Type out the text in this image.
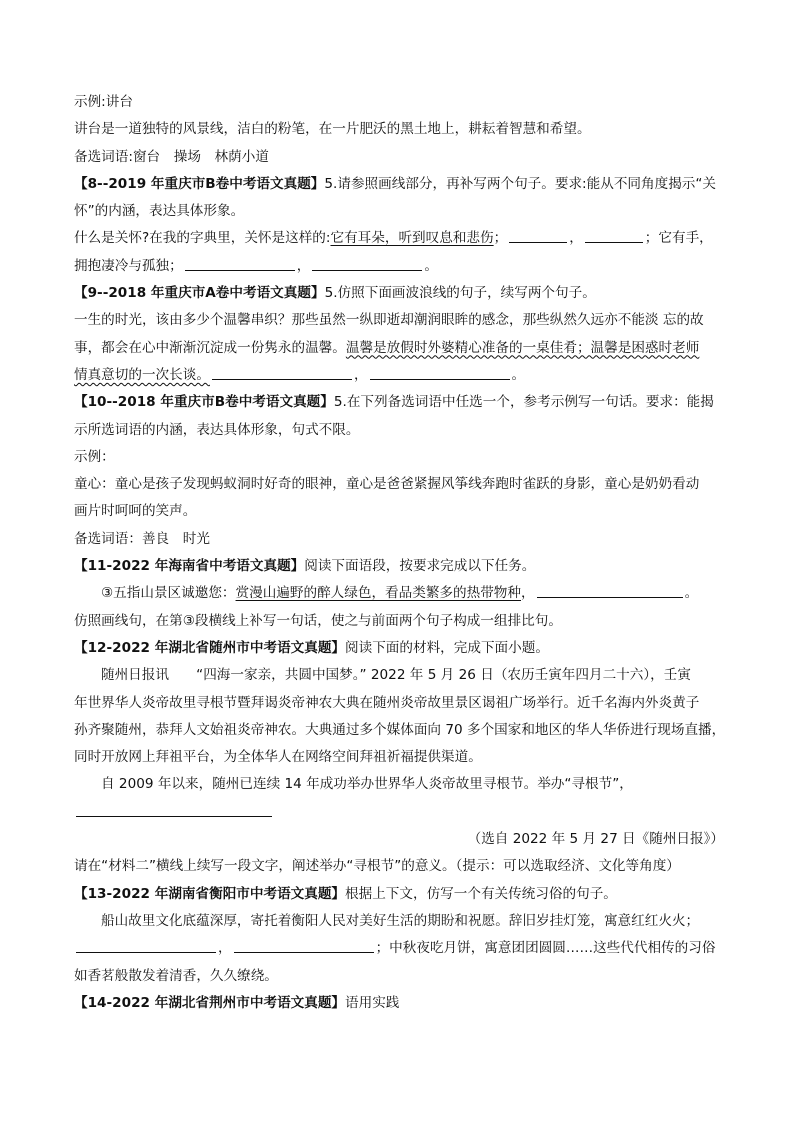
示例:讲台
讲台是一道独特的风景线，洁白的粉笔，在一片肥沃的黑土地上，耕耘着智慧和希望。
备选词语:窗台　操场　林荫小道
【8--2019 年重庆市B卷中考语文真题】5.请参照画线部分，再补写两个句子。要求:能从不同角度揭示“关
怀”的内涵，表达具体形象。
什么是关怀?在我的字典里，关怀是这样的:它有耳朵，听到叹息和悲伤；	，	；它有手，
拥抱凄冷与孤独；	，	。
【9--2018 年重庆市A卷中考语文真题】5.仿照下面画波浪线的句子，续写两个句子。
一生的时光，该由多少个温馨串织？那些虽然一纵即逝却潮润眼眸的感念，那些纵然久远亦不能淡 忘的故
事，都会在心中渐渐沉淀成一份隽永的温馨。温馨是放假时外婆精心准备的一桌佳肴；温馨是困惑时老师
情真意切的一次长谈。	，	。
【10--2018 年重庆市B卷中考语文真题】5.在下列备选词语中任选一个，参考示例写一句话。要求：能揭
示所选词语的内涵，表达具体形象，句式不限。
示例：
童心：童心是孩子发现蚂蚁洞时好奇的眼神，童心是爸爸紧握风筝线奔跑时雀跃的身影，童心是奶奶看动
画片时呵呵的笑声。
备选词语：善良　时光
【11-2022 年海南省中考语文真题】阅读下面语段，按要求完成以下任务。
③五指山景区诚邀您：赏漫山遍野的醉人绿色，看品类繁多的热带物种，	。
仿照画线句，在第③段横线上补写一句话，使之与前面两个句子构成一组排比句。
【12-2022 年湖北省随州市中考语文真题】阅读下面的材料，完成下面小题。
随州日报讯　　“四海一家亲，共圆中国梦。” 2022 年 5 月 26 日（农历壬寅年四月二十六），壬寅
年世界华人炎帝故里寻根节暨拜谒炎帝神农大典在随州炎帝故里景区谒祖广场举行。近千名海内外炎黄子
孙齐聚随州，恭拜人文始祖炎帝神农。大典通过多个媒体面向 70 多个国家和地区的华人华侨进行现场直播，
同时开放网上拜祖平台，为全体华人在网络空间拜祖祈福提供渠道。
自 2009 年以来，随州已连续 14 年成功举办世界华人炎帝故里寻根节。举办“寻根节”，
（选自 2022 年 5 月 27 日《随州日报》）
请在“材料二”横线上续写一段文字，阐述举办“寻根节”的意义。（提示：可以选取经济、文化等角度）
【13-2022 年湖南省衡阳市中考语文真题】根据上下文，仿写一个有关传统习俗的句子。
船山故里文化底蕴深厚，寄托着衡阳人民对美好生活的期盼和祝愿。辞旧岁挂灯笼，寓意红红火火；
，	；中秋夜吃月饼，寓意团团圆圆……这些代代相传的习俗
如香茗般散发着清香，久久缭绕。
【14-2022 年湖北省荆州市中考语文真题】语用实践
